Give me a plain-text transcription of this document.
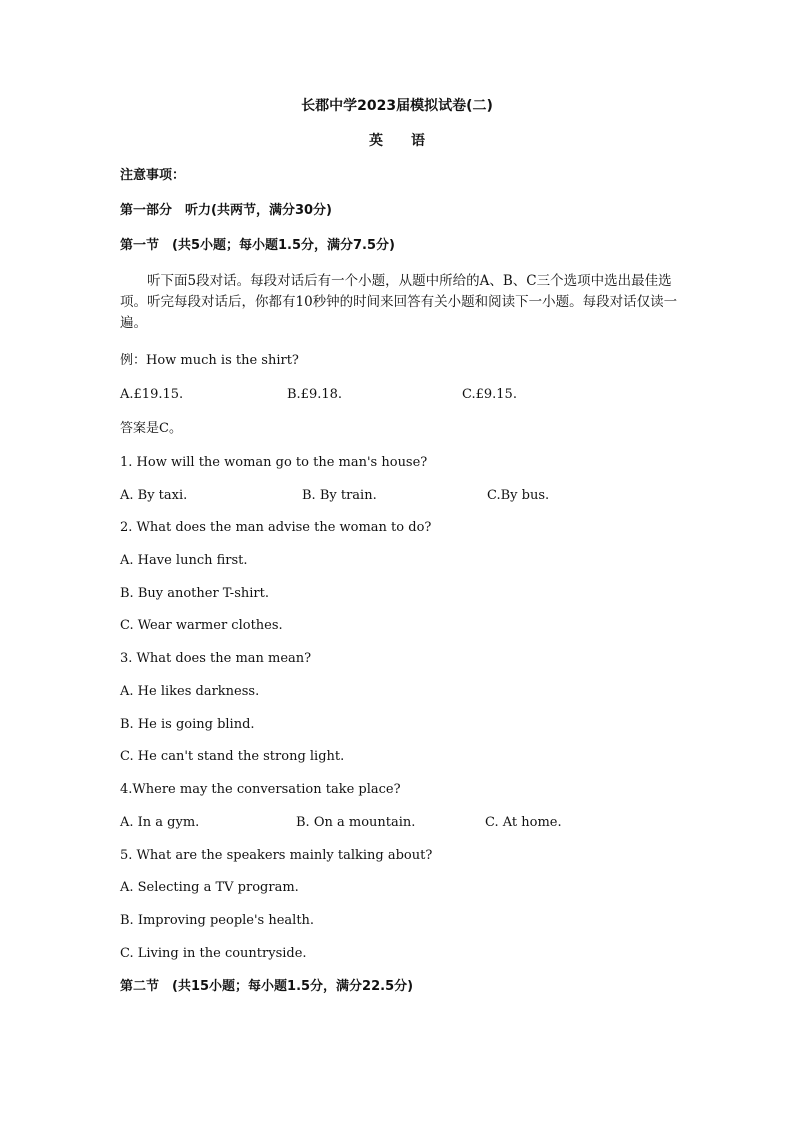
长郡中学2023届模拟试卷(二)
英　　语
注意事项：
第一部分　听力(共两节，满分30分)
第一节　(共5小题；每小题1.5分，满分7.5分)
听下面5段对话。每段对话后有一个小题，从题中所给的A、B、C三个选项中选出最佳选项。听完每段对话后，你都有10秒钟的时间来回答有关小题和阅读下一小题。每段对话仅读一遍。
例：How much is the shirt?
A.£19.15.	B.£9.18.	C.£9.15.
答案是C。
1. How will the woman go to the man's house?
A. By taxi.	B. By train.	C.By bus.
2. What does the man advise the woman to do?
A. Have lunch first.
B. Buy another T-shirt.
C. Wear warmer clothes.
3. What does the man mean?
A. He likes darkness.
B. He is going blind.
C. He can't stand the strong light.
4.Where may the conversation take place?
A. In a gym.	B. On a mountain.	C. At home.
5. What are the speakers mainly talking about?
A. Selecting a TV program.
B. Improving people's health.
C. Living in the countryside.
第二节　(共15小题；每小题1.5分，满分22.5分)
